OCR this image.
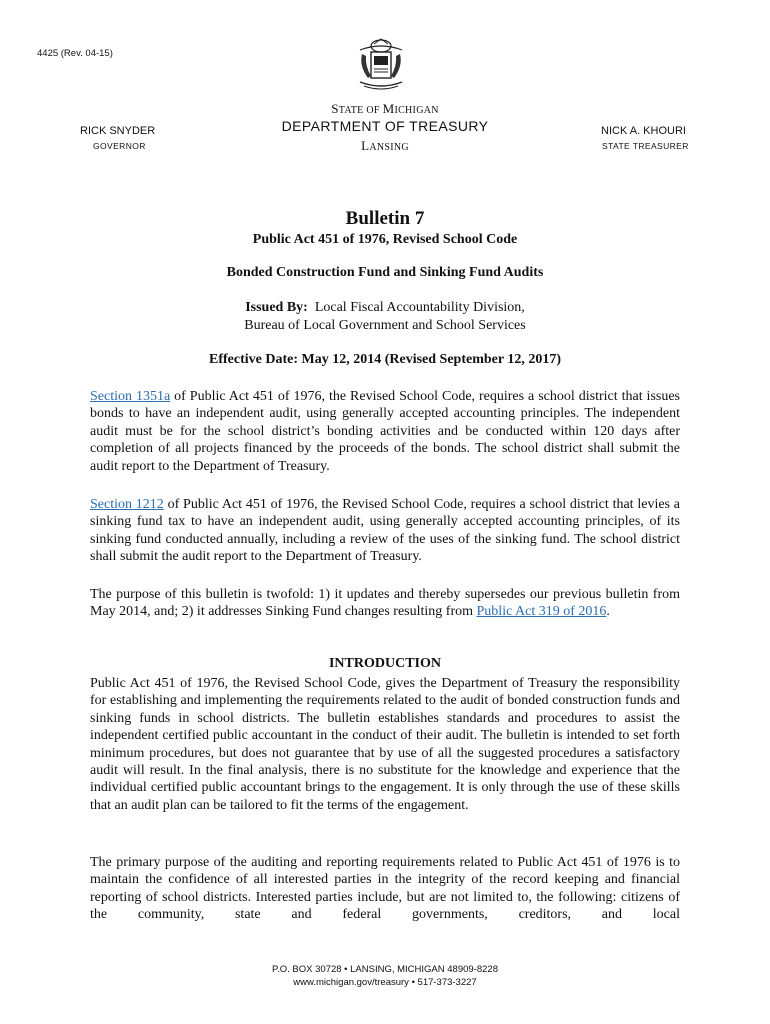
4425 (Rev. 04-15)
STATE OF MICHIGAN
DEPARTMENT OF TREASURY
LANSING
RICK SNYDER
GOVERNOR
NICK A. KHOURI
STATE TREASURER
Bulletin 7
Public Act 451 of 1976, Revised School Code
Bonded Construction Fund and Sinking Fund Audits
Issued By: Local Fiscal Accountability Division,
Bureau of Local Government and School Services
Effective Date: May 12, 2014 (Revised September 12, 2017)

Section 1351a of Public Act 451 of 1976, the Revised School Code, requires a school district that issues bonds to have an independent audit, using generally accepted accounting principles. The independent audit must be for the school district’s bonding activities and be conducted within 120 days after completion of all projects financed by the proceeds of the bonds. The school district shall submit the audit report to the Department of Treasury.

Section 1212 of Public Act 451 of 1976, the Revised School Code, requires a school district that levies a sinking fund tax to have an independent audit, using generally accepted accounting principles, of its sinking fund conducted annually, including a review of the uses of the sinking fund. The school district shall submit the audit report to the Department of Treasury.

The purpose of this bulletin is twofold: 1) it updates and thereby supersedes our previous bulletin from May 2014, and; 2) it addresses Sinking Fund changes resulting from Public Act 319 of 2016.

INTRODUCTION

Public Act 451 of 1976, the Revised School Code, gives the Department of Treasury the responsibility for establishing and implementing the requirements related to the audit of bonded construction funds and sinking funds in school districts. The bulletin establishes standards and procedures to assist the independent certified public accountant in the conduct of their audit. The bulletin is intended to set forth minimum procedures, but does not guarantee that by use of all the suggested procedures a satisfactory audit will result. In the final analysis, there is no substitute for the knowledge and experience that the individual certified public accountant brings to the engagement. It is only through the use of these skills that an audit plan can be tailored to fit the terms of the engagement.

The primary purpose of the auditing and reporting requirements related to Public Act 451 of 1976 is to maintain the confidence of all interested parties in the integrity of the record keeping and financial reporting of school districts. Interested parties include, but are not limited to, the following: citizens of the community, state and federal governments, creditors, and local

P.O. BOX 30728 • LANSING, MICHIGAN 48909-8228
www.michigan.gov/treasury • 517-373-3227
